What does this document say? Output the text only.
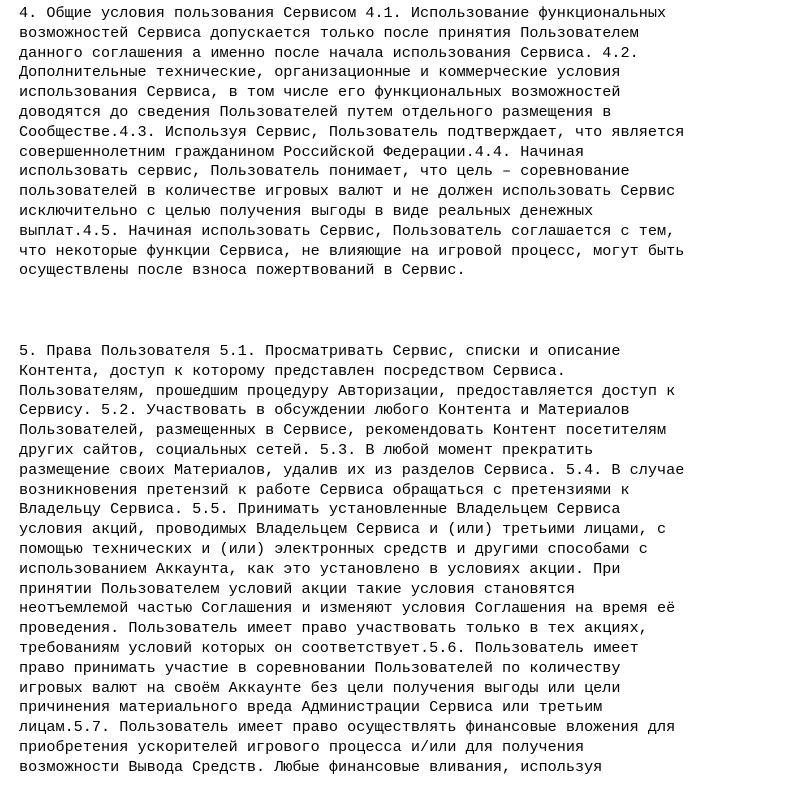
4. Общие условия пользования Сервисом 4.1. Использование функциональных
возможностей Сервиса допускается только после принятия Пользователем
данного соглашения а именно после начала использования Сервиса. 4.2.
Дополнительные технические, организационные и коммерческие условия
использования Сервиса, в том числе его функциональных возможностей
доводятся до сведения Пользователей путем отдельного размещения в
Сообществе.4.3. Используя Сервис, Пользователь подтверждает, что является
совершеннолетним гражданином Российской Федерации.4.4. Начиная
использовать сервис, Пользователь понимает, что цель – соревнование
пользователей в количестве игровых валют и не должен использовать Сервис
исключительно с целью получения выгоды в виде реальных денежных
выплат.4.5. Начиная использовать Сервис, Пользователь соглашается с тем,
что некоторые функции Сервиса, не влияющие на игровой процесс, могут быть
осуществлены после взноса пожертвований в Сервис.
5. Права Пользователя 5.1. Просматривать Сервис, списки и описание
Контента, доступ к которому представлен посредством Сервиса.
Пользователям, прошедшим процедуру Авторизации, предоставляется доступ к
Сервису. 5.2. Участвовать в обсуждении любого Контента и Материалов
Пользователей, размещенных в Сервисе, рекомендовать Контент посетителям
других сайтов, социальных сетей. 5.3. В любой момент прекратить
размещение своих Материалов, удалив их из разделов Сервиса. 5.4. В случае
возникновения претензий к работе Сервиса обращаться с претензиями к
Владельцу Сервиса. 5.5. Принимать установленные Владельцем Сервиса
условия акций, проводимых Владельцем Сервиса и (или) третьими лицами, с
помощью технических и (или) электронных средств и другими способами с
использованием Аккаунта, как это установлено в условиях акции. При
принятии Пользователем условий акции такие условия становятся
неотъемлемой частью Соглашения и изменяют условия Соглашения на время её
проведения. Пользователь имеет право участвовать только в тех акциях,
требованиям условий которых он соответствует.5.6. Пользователь имеет
право принимать участие в соревновании Пользователей по количеству
игровых валют на своём Аккаунте без цели получения выгоды или цели
причинения материального вреда Администрации Сервиса или третьим
лицам.5.7. Пользователь имеет право осуществлять финансовые вложения для
приобретения ускорителей игрового процесса и/или для получения
возможности Вывода Средств. Любые финансовые вливания, используя
